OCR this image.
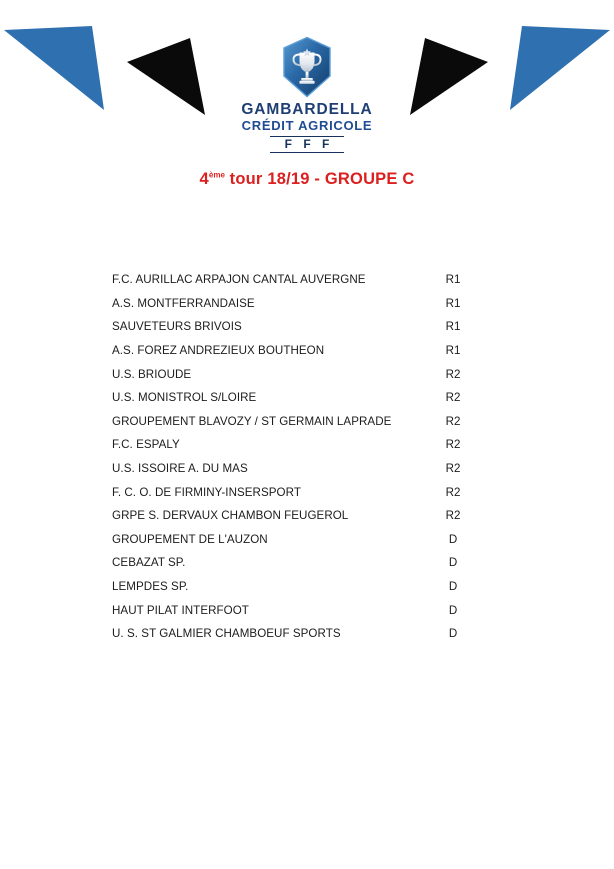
GAMBARDELLA
CRÉDIT AGRICOLE
F F F
4ème tour 18/19 - GROUPE C
F.C. AURILLAC ARPAJON CANTAL AUVERGNE	R1
A.S. MONTFERRANDAISE	R1
SAUVETEURS BRIVOIS	R1
A.S. FOREZ ANDREZIEUX BOUTHEON	R1
U.S. BRIOUDE	R2
U.S. MONISTROL S/LOIRE	R2
GROUPEMENT BLAVOZY / ST GERMAIN LAPRADE	R2
F.C. ESPALY	R2
U.S. ISSOIRE A. DU MAS	R2
F. C. O. DE FIRMINY-INSERSPORT	R2
GRPE S. DERVAUX CHAMBON FEUGEROL	R2
GROUPEMENT DE L'AUZON	D
CEBAZAT SP.	D
LEMPDES SP.	D
HAUT PILAT INTERFOOT	D
U. S. ST GALMIER CHAMBOEUF SPORTS	D
